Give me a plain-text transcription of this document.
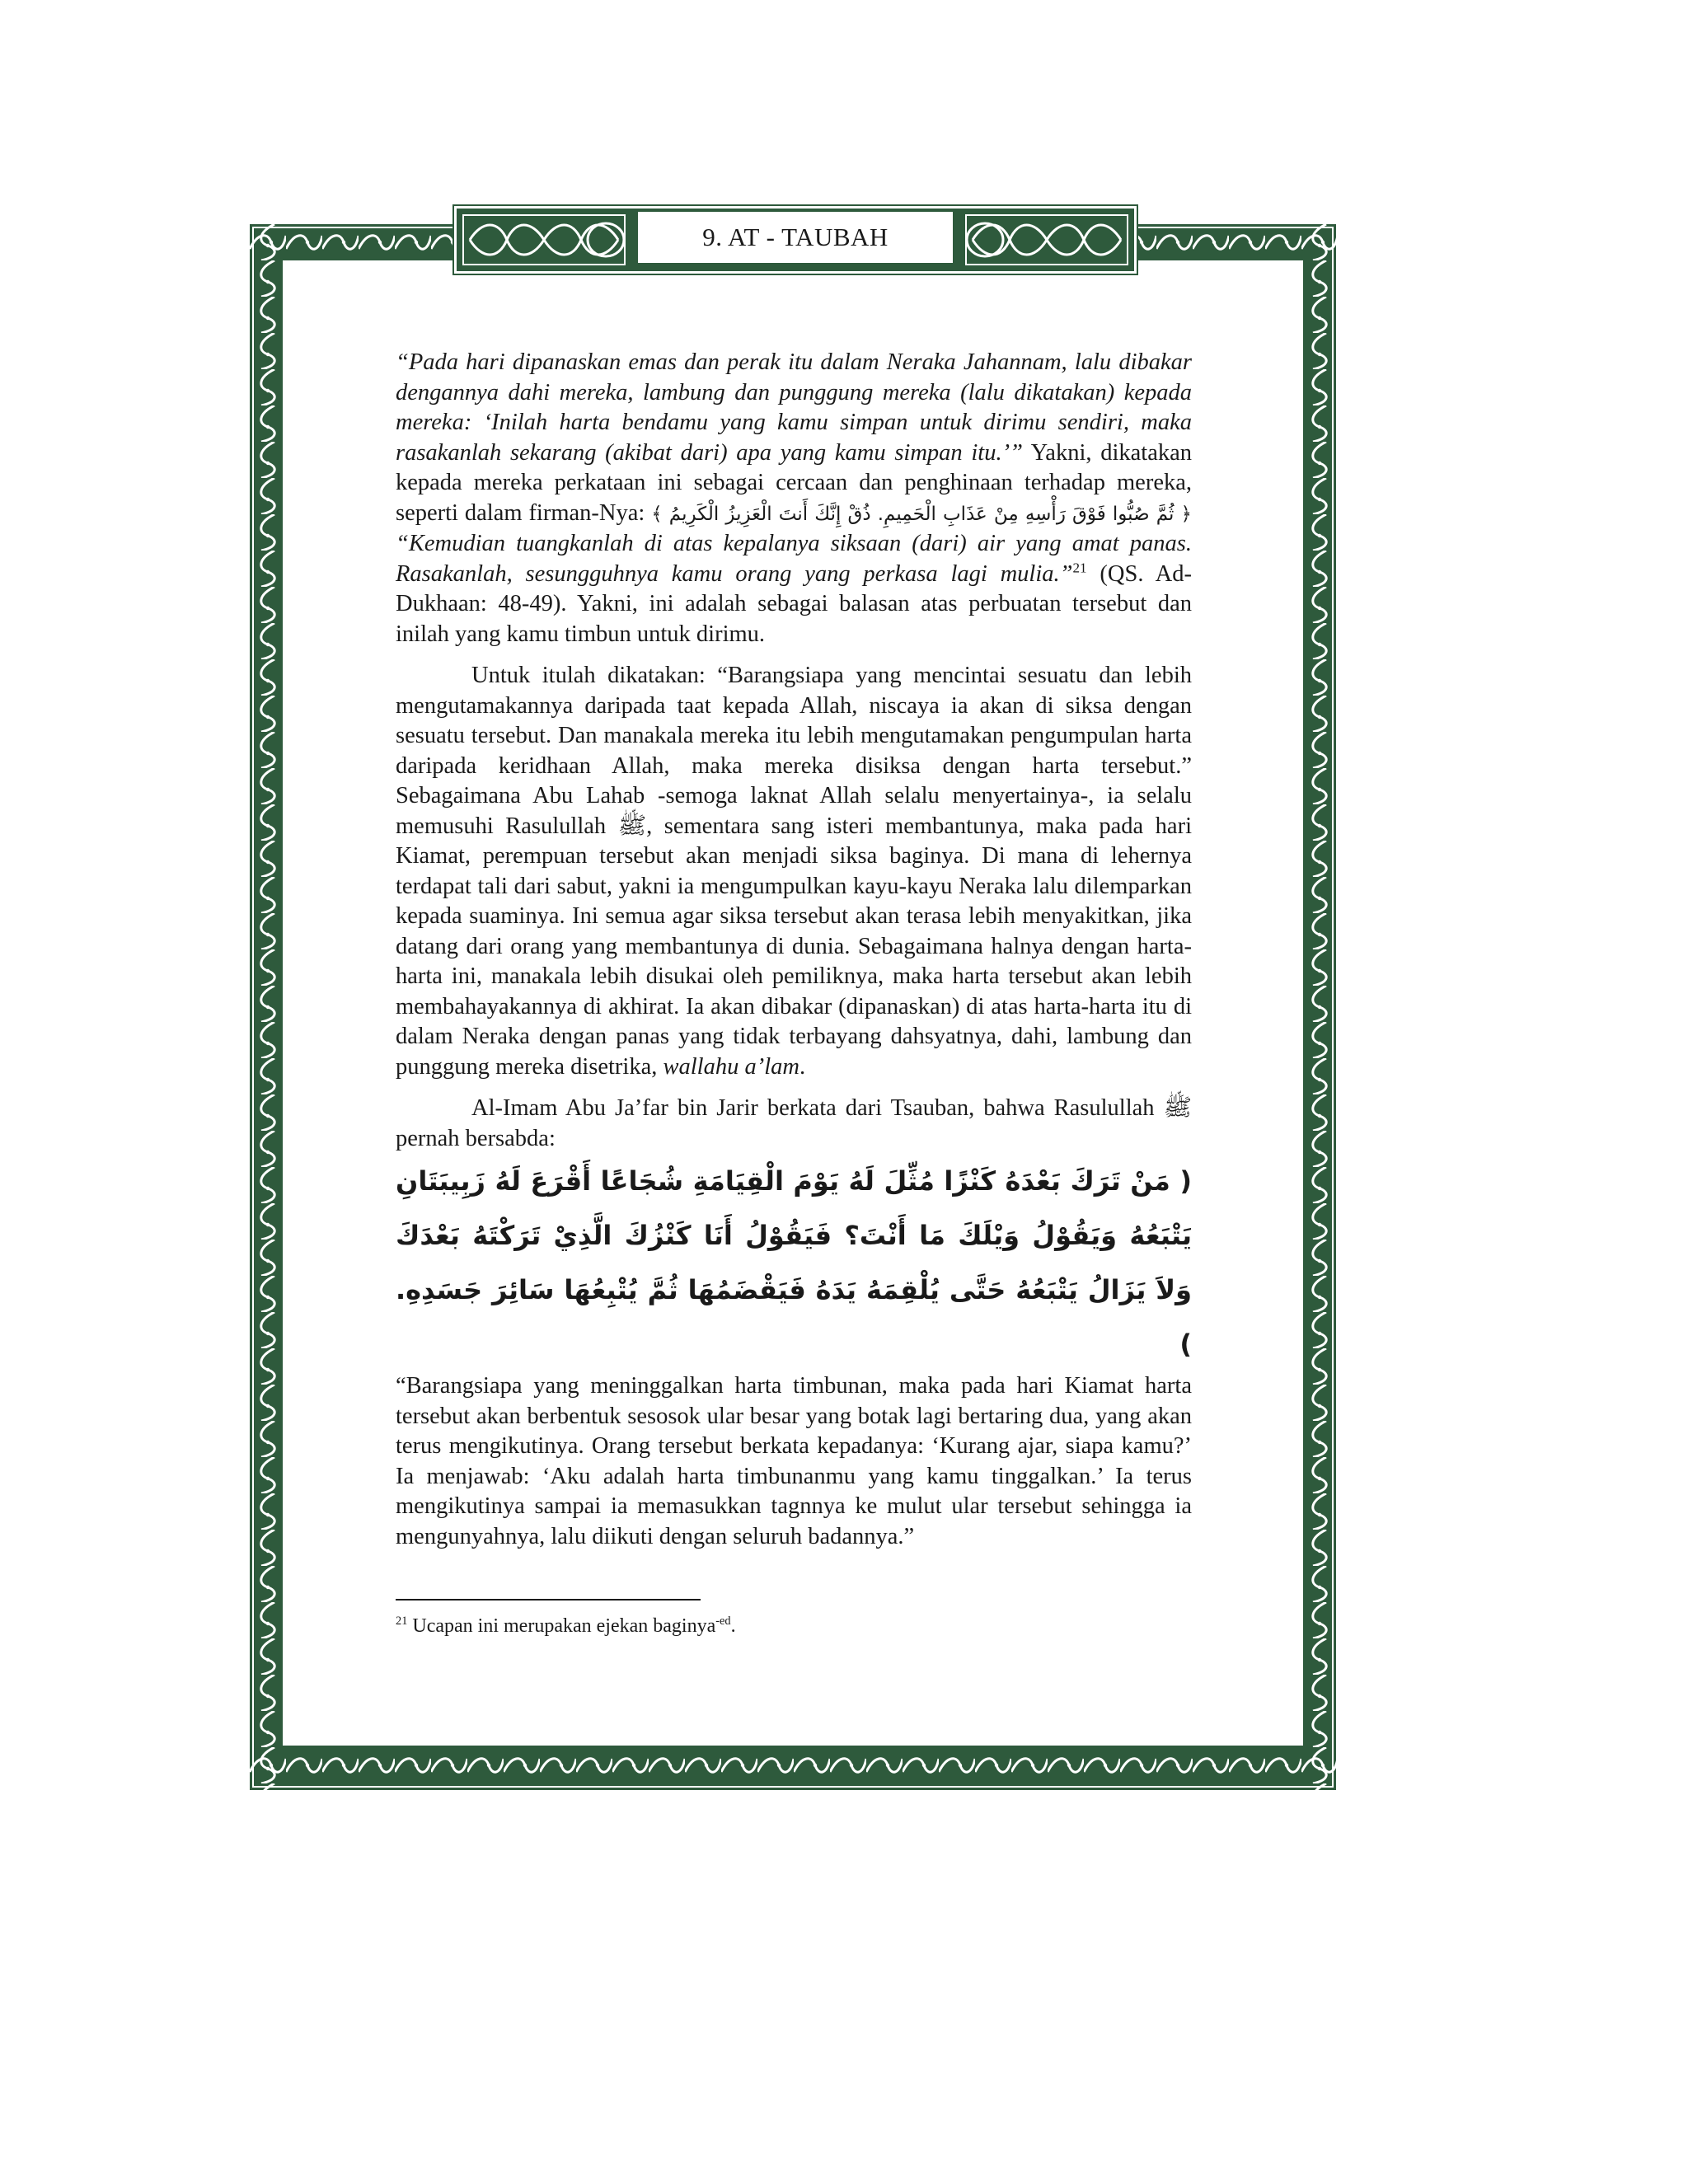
9. AT - TAUBAH

“Pada hari dipanaskan emas dan perak itu dalam Neraka Jahannam, lalu dibakar dengannya dahi mereka, lambung dan punggung mereka (lalu dikatakan) kepada mereka: ‘Inilah harta bendamu yang kamu simpan untuk dirimu sendiri, maka rasakanlah sekarang (akibat dari) apa yang kamu simpan itu.’” Yakni, dikatakan kepada mereka perkataan ini sebagai cercaan dan penghinaan terhadap mereka, seperti dalam firman-Nya: ﴿ ثُمَّ صُبُّوا فَوْقَ رَأْسِهِ مِنْ عَذَابِ الْحَمِيمِ. ذُقْ إِنَّكَ أَنتَ الْعَزِيزُ الْكَرِيمُ ﴾ “Kemudian tuangkanlah di atas kepalanya siksaan (dari) air yang amat panas. Rasakanlah, sesungguhnya kamu orang yang perkasa lagi mulia.”$^{21}$ (QS. Ad-Dukhaan: 48-49). Yakni, ini adalah sebagai balasan atas perbuatan tersebut dan inilah yang kamu timbun untuk dirimu.

Untuk itulah dikatakan: “Barangsiapa yang mencintai sesuatu dan lebih mengutamakannya daripada taat kepada Allah, niscaya ia akan di siksa dengan sesuatu tersebut. Dan manakala mereka itu lebih mengutamakan pengumpulan harta daripada keridhaan Allah, maka mereka disiksa dengan harta tersebut.” Sebagaimana Abu Lahab -semoga laknat Allah selalu menyertainya-, ia selalu memusuhi Rasulullah ﷺ, sementara sang isteri membantunya, maka pada hari Kiamat, perempuan tersebut akan menjadi siksa baginya. Di mana di lehernya terdapat tali dari sabut, yakni ia mengumpulkan kayu-kayu Neraka lalu dilemparkan kepada suaminya. Ini semua agar siksa tersebut akan terasa lebih menyakitkan, jika datang dari orang yang membantunya di dunia. Sebagaimana halnya dengan harta-harta ini, manakala lebih disukai oleh pemiliknya, maka harta tersebut akan lebih membahayakannya di akhirat. Ia akan dibakar (dipanaskan) di atas harta-harta itu di dalam Neraka dengan panas yang tidak terbayang dahsyatnya, dahi, lambung dan punggung mereka disetrika, wallahu a’lam.

Al-Imam Abu Ja’far bin Jarir berkata dari Tsauban, bahwa Rasulullah ﷺ pernah bersabda:

( مَنْ تَرَكَ بَعْدَهُ كَنْزًا مُثِّلَ لَهُ يَوْمَ الْقِيَامَةِ شُجَاعًا أَقْرَعَ لَهُ زَبِيبَتَانِ يَتْبَعُهُ وَيَقُوْلُ وَيْلَكَ مَا أَنْتَ؟ فَيَقُوْلُ أَنَا كَنْزُكَ الَّذِيْ تَرَكْتَهُ بَعْدَكَ وَلاَ يَزَالُ يَتْبَعُهُ حَتَّى يُلْقِمَهُ يَدَهُ فَيَقْضَمُهَا ثُمَّ يُتْبِعُهَا سَائِرَ جَسَدِهِ. )

“Barangsiapa yang meninggalkan harta timbunan, maka pada hari Kiamat harta tersebut akan berbentuk sesosok ular besar yang botak lagi bertaring dua, yang akan terus mengikutinya. Orang tersebut berkata kepadanya: ‘Kurang ajar, siapa kamu?’ Ia menjawab: ‘Aku adalah harta timbunanmu yang kamu tinggalkan.’ Ia terus mengikutinya sampai ia memasukkan tagnnya ke mulut ular tersebut sehingga ia mengunyahnya, lalu diikuti dengan seluruh badannya.”

$^{21}$ Ucapan ini merupakan ejekan baginya$^{-ed}$.
